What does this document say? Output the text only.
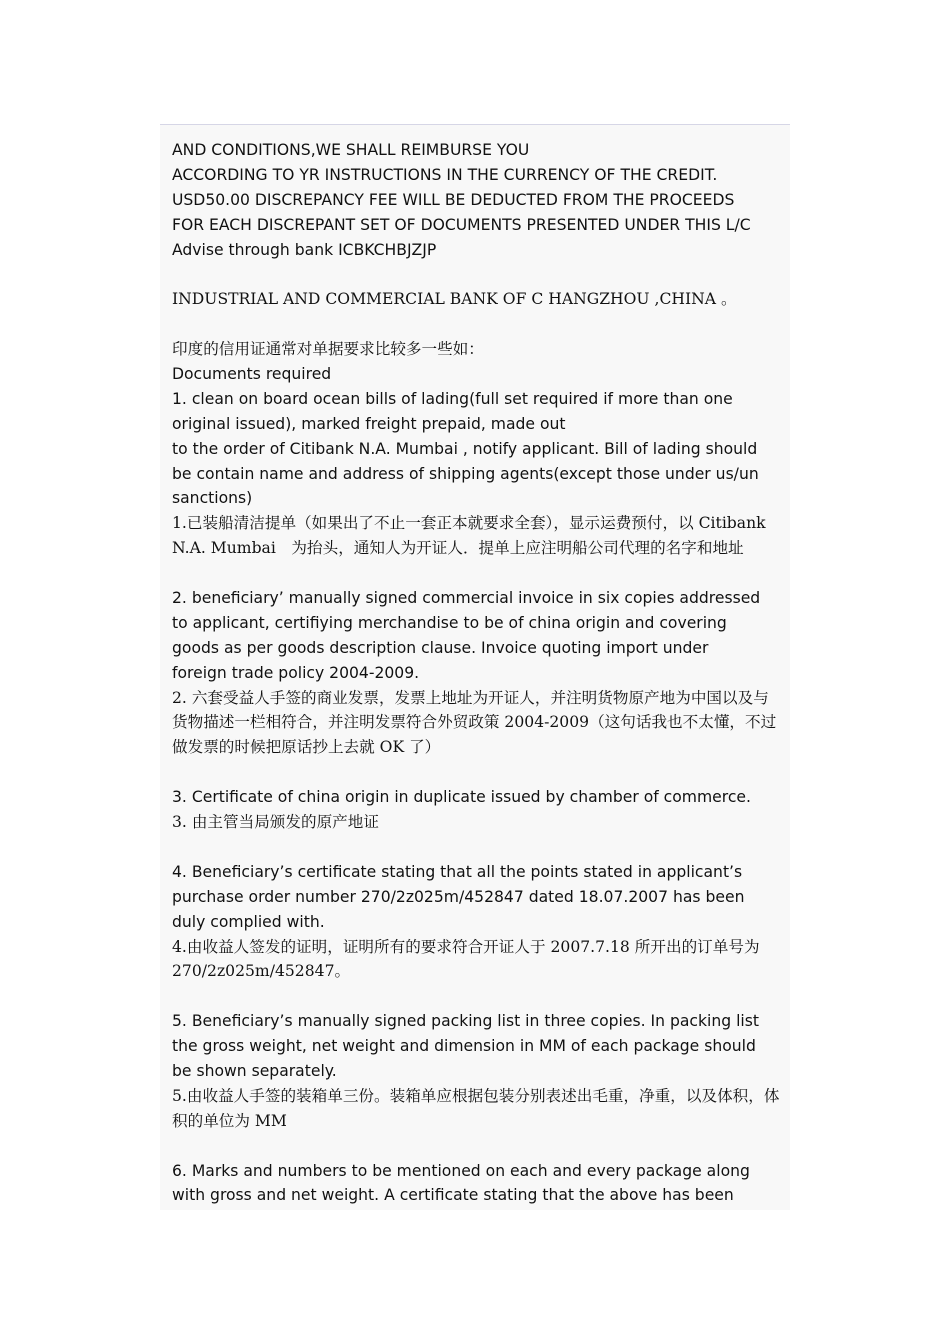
AND CONDITIONS,WE SHALL REIMBURSE YOU
ACCORDING TO YR INSTRUCTIONS IN THE CURRENCY OF THE CREDIT.
USD50.00 DISCREPANCY FEE WILL BE DEDUCTED FROM THE PROCEEDS
FOR EACH DISCREPANT SET OF DOCUMENTS PRESENTED UNDER THIS L/C
Advise through bank ICBKCHBJZJP
INDUSTRIAL AND COMMERCIAL BANK OF C HANGZHOU ,CHINA 。
印度的信用证通常对单据要求比较多一些如：
Documents required
1. clean on board ocean bills of lading(full set required if more than one
original issued), marked freight prepaid, made out
to the order of Citibank N.A. Mumbai , notify applicant. Bill of lading should
be contain name and address of shipping agents(except those under us/un
sanctions)
1.已装船清洁提单（如果出了不止一套正本就要求全套），显示运费预付，以 Citibank
N.A. Mumbai　为抬头，通知人为开证人．提单上应注明船公司代理的名字和地址
2. beneficiary’ manually signed commercial invoice in six copies addressed
to applicant, certifiying merchandise to be of china origin and covering
goods as per goods description clause. Invoice quoting import under
foreign trade policy 2004-2009.
2. 六套受益人手签的商业发票，发票上地址为开证人，并注明货物原产地为中国以及与
货物描述一栏相符合，并注明发票符合外贸政策 2004-2009（这句话我也不太懂，不过
做发票的时候把原话抄上去就 OK 了）
3. Certificate of china origin in duplicate issued by chamber of commerce.
3. 由主管当局颁发的原产地证
4. Beneficiary’s certificate stating that all the points stated in applicant’s
purchase order number 270/2z025m/452847 dated 18.07.2007 has been
duly complied with.
4.由收益人签发的证明，证明所有的要求符合开证人于 2007.7.18 所开出的订单号为
270/2z025m/452847。
5. Beneficiary’s manually signed packing list in three copies. In packing list
the gross weight, net weight and dimension in MM of each package should
be shown separately.
5.由收益人手签的装箱单三份。装箱单应根据包装分别表述出毛重，净重，以及体积，体
积的单位为 MM
6. Marks and numbers to be mentioned on each and every package along
with gross and net weight. A certificate stating that the above has been
